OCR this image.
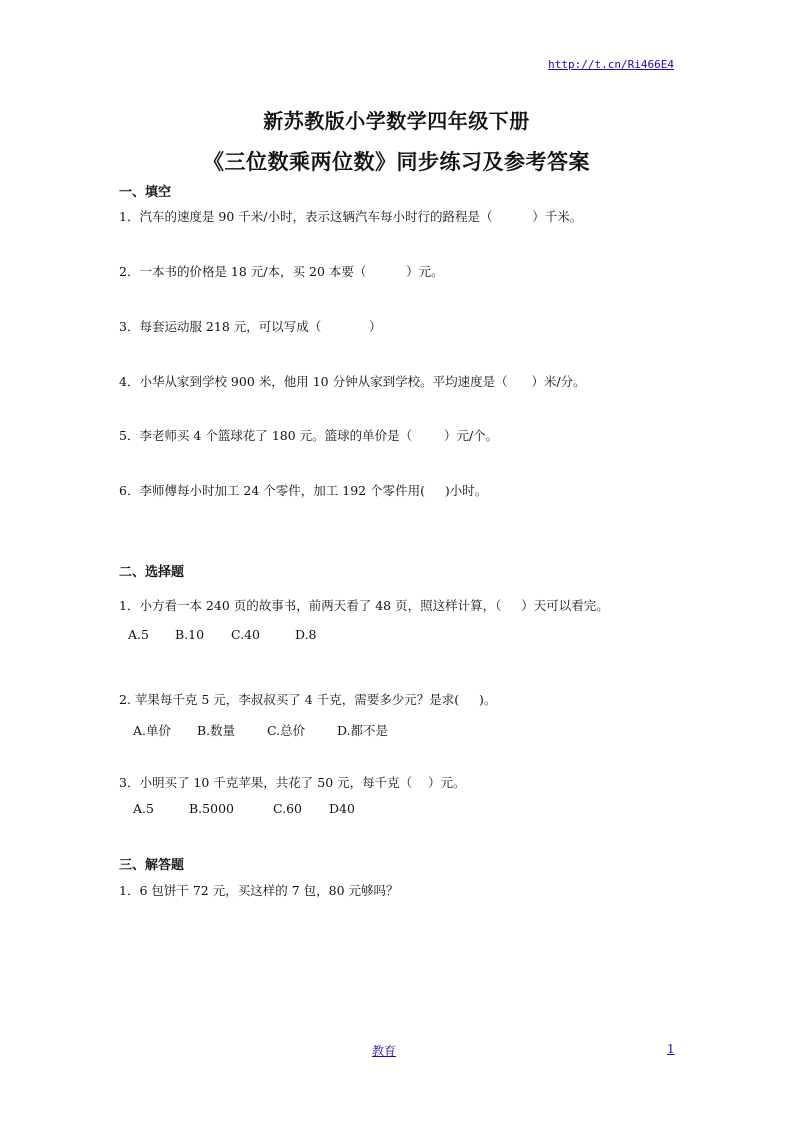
http://t.cn/Ri466E4
新苏教版小学数学四年级下册
《三位数乘两位数》同步练习及参考答案
一、填空
1．汽车的速度是 90 千米/小时，表示这辆汽车每小时行的路程是（          ）千米。
2．一本书的价格是 18 元/本，买 20 本要（          ）元。
3．每套运动服 218 元，可以写成（            ）
4．小华从家到学校 900 米，他用 10 分钟从家到学校。平均速度是（      ）米/分。
5．李老师买 4 个篮球花了 180 元。篮球的单价是（        ）元/个。
6．李师傅每小时加工 24 个零件，加工 192 个零件用(     )小时。
二、选择题
1．小方看一本 240 页的故事书，前两天看了 48 页，照这样计算，（     ）天可以看完。
A.5 B.10 C.40	D.8
2. 苹果每千克 5 元，李叔叔买了 4 千克，需要多少元？是求(     )。
A.单价 B.数量	C.总价	D.都不是
3．小明买了 10 千克苹果，共花了 50 元，每千克（    ）元。
A.5	B.5000	C.60 D40
三、解答题
1．6 包饼干 72 元，买这样的 7 包，80 元够吗？
教育	1
